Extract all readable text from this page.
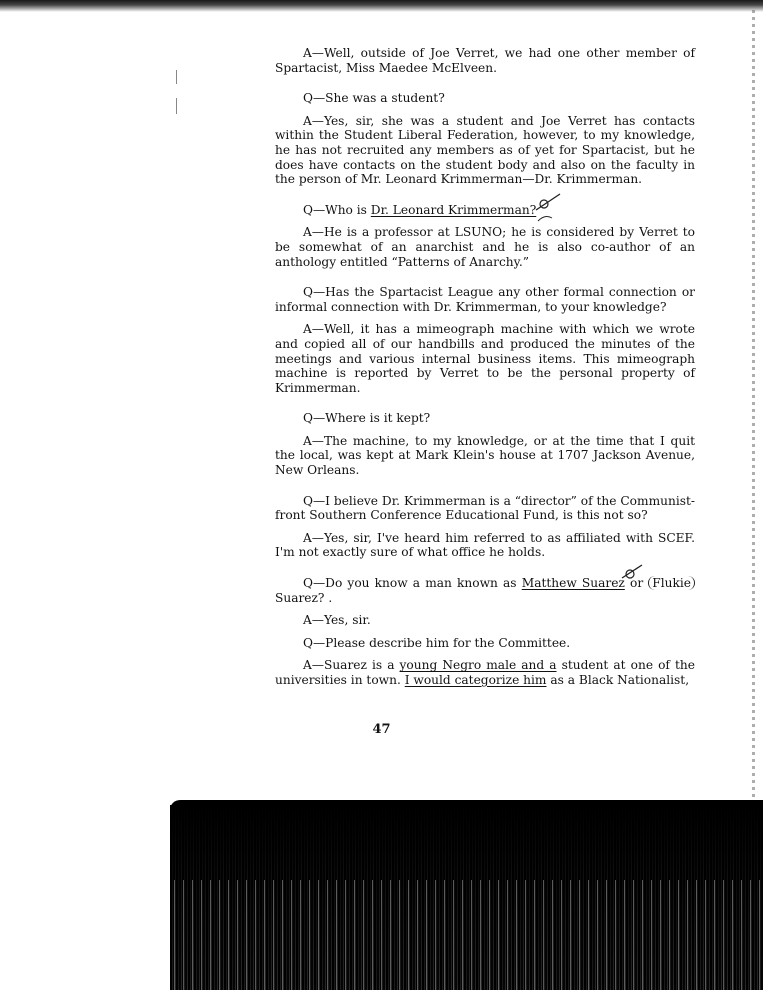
A—Well, outside of Joe Verret, we had one other member of Spartacist, Miss Maedee McElveen.

Q—She was a student?

A—Yes, sir, she was a student and Joe Verret has contacts within the Student Liberal Federation, however, to my knowledge, he has not recruited any members as of yet for Spartacist, but he does have contacts on the student body and also on the faculty in the person of Mr. Leonard Krimmerman—Dr. Krimmerman.

Q—Who is Dr. Leonard Krimmerman?

A—He is a professor at LSUNO; he is considered by Verret to be somewhat of an anarchist and he is also co-author of an anthology entitled “Patterns of Anarchy.”

Q—Has the Spartacist League any other formal connection or informal connection with Dr. Krimmerman, to your knowledge?

A—Well, it has a mimeograph machine with which we wrote and copied all of our handbills and produced the minutes of the meetings and various internal business items. This mimeograph machine is reported by Verret to be the personal property of Krimmerman.

Q—Where is it kept?

A—The machine, to my knowledge, or at the time that I quit the local, was kept at Mark Klein's house at 1707 Jackson Avenue, New Orleans.

Q—I believe Dr. Krimmerman is a “director” of the Communist-front Southern Conference Educational Fund, is this not so?

A—Yes, sir, I've heard him referred to as affiliated with SCEF. I'm not exactly sure of what office he holds.

Q—Do you know a man known as Matthew Suarez or Flukie Suarez? .

A—Yes, sir.

Q—Please describe him for the Committee.

A—Suarez is a young Negro male and a student at one of the universities in town. I would categorize him as a Black Nationalist,

47
